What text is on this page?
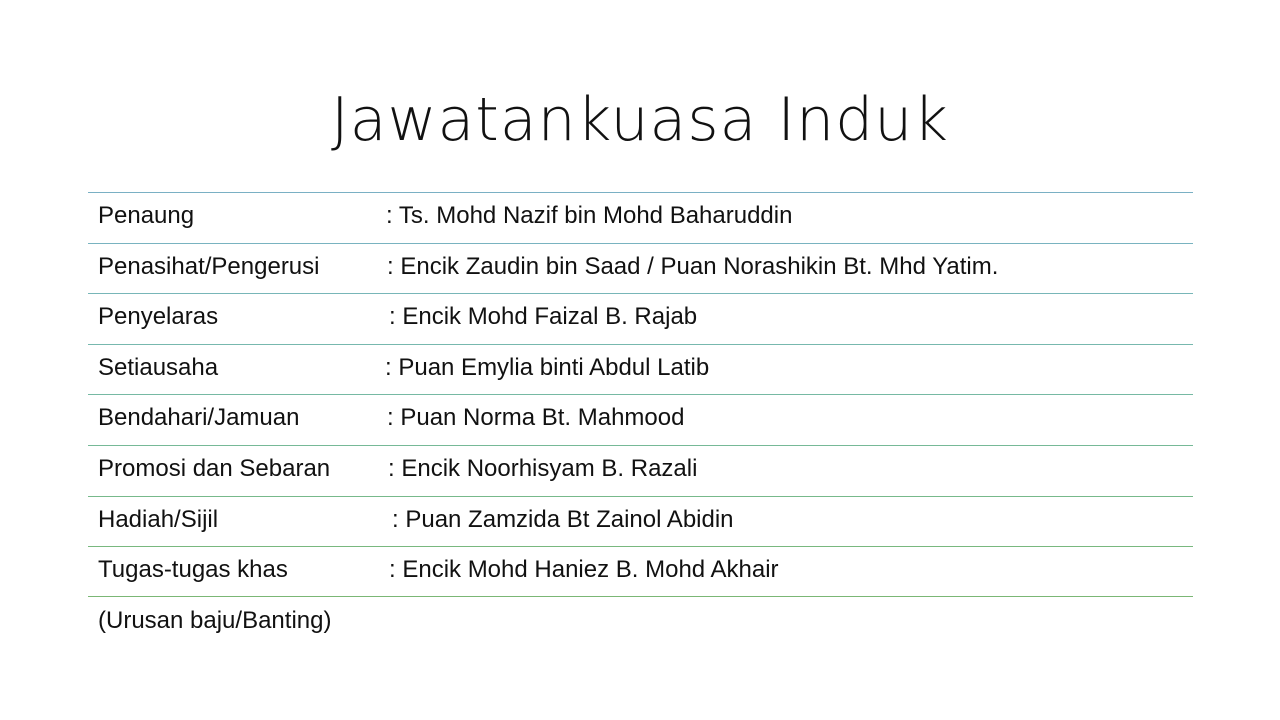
Jawatankuasa Induk
Penaung	: Ts. Mohd Nazif bin Mohd Baharuddin
Penasihat/Pengerusi	: Encik Zaudin bin Saad / Puan Norashikin Bt. Mhd Yatim.
Penyelaras	: Encik Mohd Faizal B. Rajab
Setiausaha	: Puan Emylia binti Abdul Latib
Bendahari/Jamuan	: Puan Norma Bt. Mahmood
Promosi dan Sebaran : Encik Noorhisyam B. Razali
Hadiah/Sijil	: Puan Zamzida Bt Zainol Abidin
Tugas-tugas khas	: Encik Mohd Haniez B. Mohd Akhair
(Urusan baju/Banting)
